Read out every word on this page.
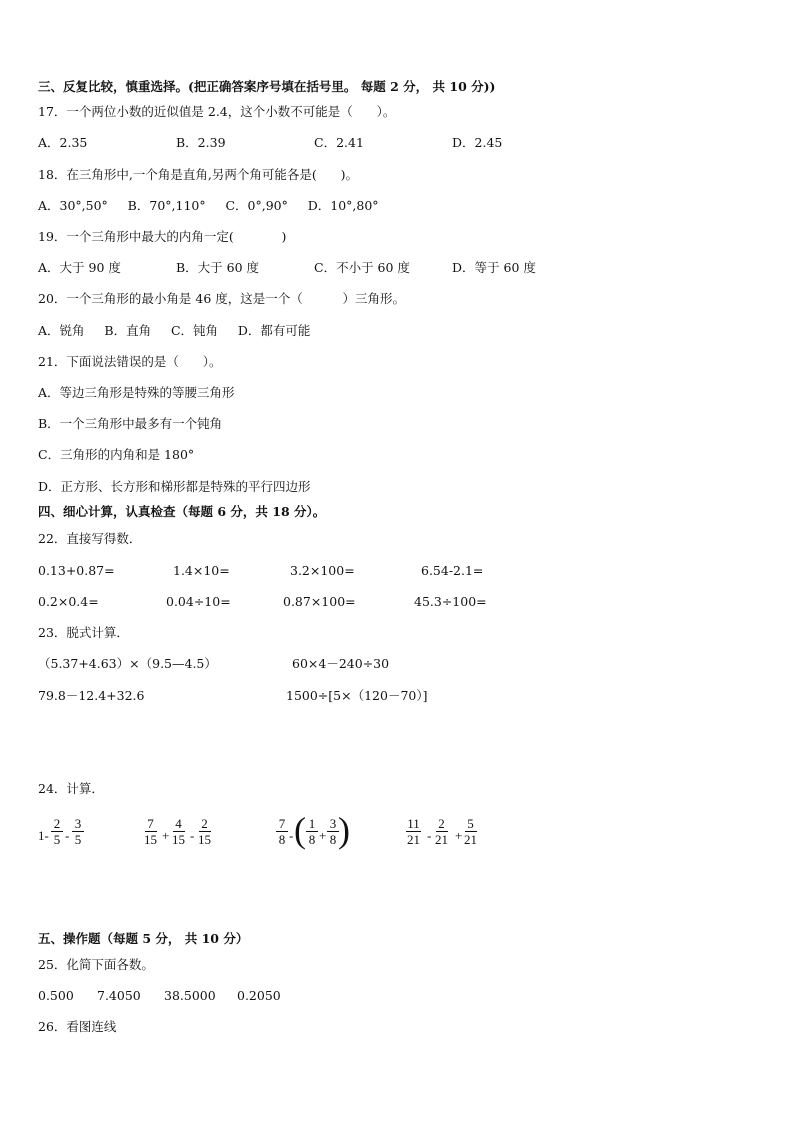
三、反复比较，慎重选择。(把正确答案序号填在括号里。 每题 2 分， 共 10 分))
17．一个两位小数的近似值是 2.4，这个小数不可能是（      ）。
A．2.35	B．2.39	C．2.41	D．2.45
18．在三角形中,一个角是直角,另两个角可能各是(      )。
A．30°,50°     B．70°,110°     C．0°,90°     D．10°,80°
19．一个三角形中最大的内角一定(            )
A．大于 90 度	B．大于 60 度	C．不小于 60 度	D．等于 60 度
20．一个三角形的最小角是 46 度，这是一个（          ）三角形。
A．锐角     B．直角     C．钝角     D．都有可能
21．下面说法错误的是（      ）。
A．等边三角形是特殊的等腰三角形
B．一个三角形中最多有一个钝角
C．三角形的内角和是 180°
D．正方形、长方形和梯形都是特殊的平行四边形
四、细心计算，认真检查（每题 6 分，共 18 分）。
22．直接写得数．
0.13+0.87=	1.4×10=	3.2×100=	6.54-2.1=
0.2×0.4=	0.04÷10=	0.87×100=	45.3÷100=
23．脱式计算．
（5.37+4.63）×（9.5—4.5）	60×4－240÷30
79.8－12.4+32.6	1500÷[5×（120－70）]
24．计算．
$1- \frac{2}{5} - \frac{3}{5}$	$\frac{7}{15} + \frac{4}{15} - \frac{2}{15}$	$\frac{7}{8}$ - ( $\frac{1}{8} + \frac{3}{8}$ )	$\frac{11}{21} - \frac{2}{21} + \frac{5}{21}$
五、操作题（每题 5 分， 共 10 分）
25．化简下面各数。
0.500 7.4050 38.5000 0.2050
26．看图连线
